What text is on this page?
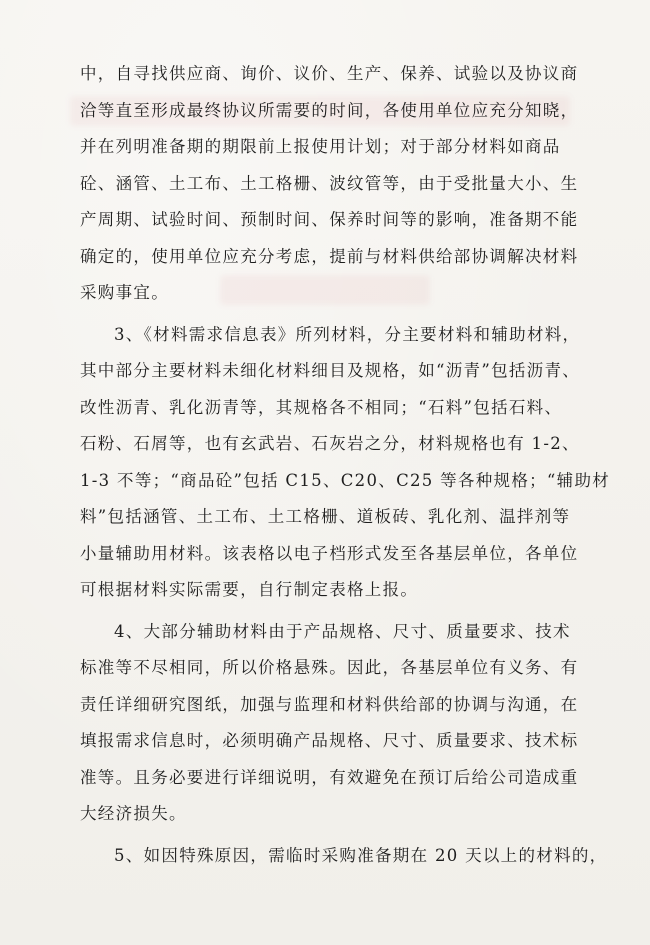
中，自寻找供应商、询价、议价、生产、保养、试验以及协议商
洽等直至形成最终协议所需要的时间，各使用单位应充分知晓，
并在列明准备期的期限前上报使用计划；对于部分材料如商品
砼、涵管、土工布、土工格栅、波纹管等，由于受批量大小、生
产周期、试验时间、预制时间、保养时间等的影响，准备期不能
确定的，使用单位应充分考虑，提前与材料供给部协调解决材料
采购事宜。
3、《材料需求信息表》所列材料，分主要材料和辅助材料，
其中部分主要材料未细化材料细目及规格，如“沥青”包括沥青、
改性沥青、乳化沥青等，其规格各不相同；“石料”包括石料、
石粉、石屑等，也有玄武岩、石灰岩之分，材料规格也有 1-2、
1-3 不等；“商品砼”包括 C15、C20、C25 等各种规格；“辅助材
料”包括涵管、土工布、土工格栅、道板砖、乳化剂、温拌剂等
小量辅助用材料。该表格以电子档形式发至各基层单位，各单位
可根据材料实际需要，自行制定表格上报。
4、大部分辅助材料由于产品规格、尺寸、质量要求、技术
标准等不尽相同，所以价格悬殊。因此，各基层单位有义务、有
责任详细研究图纸，加强与监理和材料供给部的协调与沟通，在
填报需求信息时，必须明确产品规格、尺寸、质量要求、技术标
准等。且务必要进行详细说明，有效避免在预订后给公司造成重
大经济损失。
5、如因特殊原因，需临时采购准备期在 20 天以上的材料的，
